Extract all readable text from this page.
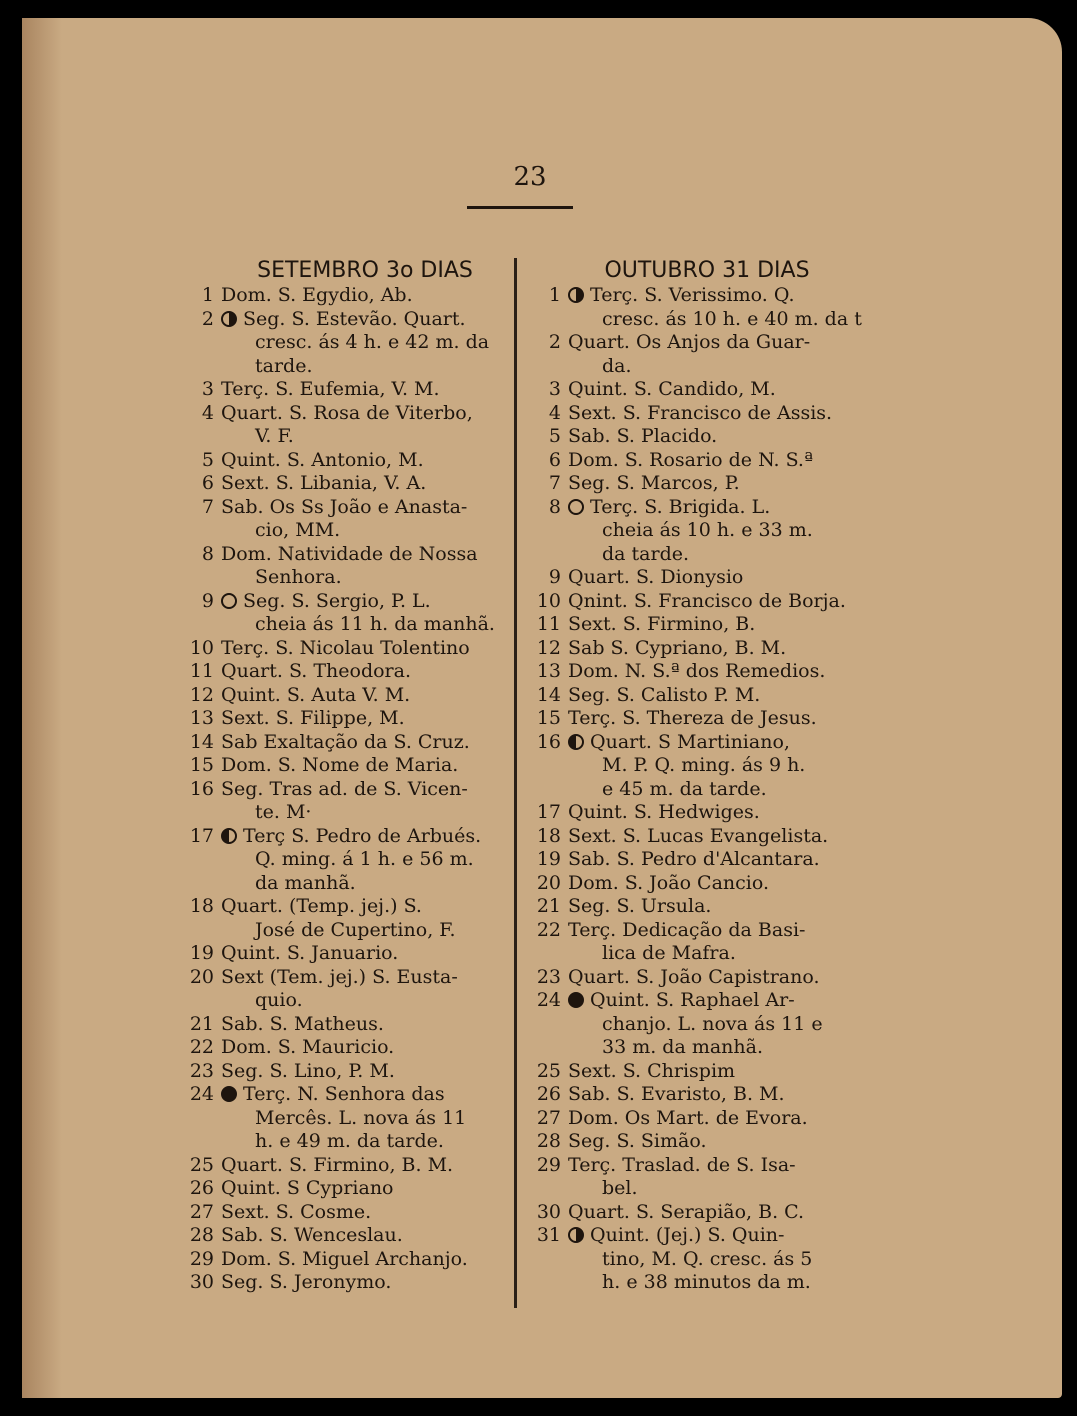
23
SETEMBRO 3o DIAS
1 Dom. S. Egydio, Ab.
2	Seg. S. Estevão. Quart.
cresc. ás 4 h. e 42 m. da
tarde.
3 Terç. S. Eufemia, V. M.
4 Quart. S. Rosa de Viterbo,
V. F.
5 Quint. S. Antonio, M.
6 Sext. S. Libania, V. A.
7 Sab. Os Ss João e Anasta-
cio, MM.
8 Dom. Natividade de Nossa
Senhora.
9	Seg. S. Sergio, P. L.
cheia ás 11 h. da manhã.
10 Terç. S. Nicolau Tolentino
11 Quart. S. Theodora.
12 Quint. S. Auta V. M.
13 Sext. S. Filippe, M.
14 Sab Exaltação da S. Cruz.
15 Dom. S. Nome de Maria.
16 Seg. Tras ad. de S. Vicen-
te. M·
17	Terç S. Pedro de Arbués.
Q. ming. á 1 h. e 56 m.
da manhã.
18 Quart. (Temp. jej.) S.
José de Cupertino, F.
19 Quint. S. Januario.
20 Sext (Tem. jej.) S. Eusta-
quio.
21 Sab. S. Matheus.
22 Dom. S. Mauricio.
23 Seg. S. Lino, P. M.
24	Terç. N. Senhora das
Mercês. L. nova ás 11
h. e 49 m. da tarde.
25 Quart. S. Firmino, B. M.
26 Quint. S Cypriano
27 Sext. S. Cosme.
28 Sab. S. Wenceslau.
29 Dom. S. Miguel Archanjo.
30 Seg. S. Jeronymo.
OUTUBRO 31 DIAS
1	Terç. S. Verissimo. Q.
cresc. ás 10 h. e 40 m. da t
2 Quart. Os Anjos da Guar-
da.
3 Quint. S. Candido, M.
4 Sext. S. Francisco de Assis.
5 Sab. S. Placido.
6 Dom. S. Rosario de N. S.ª
7 Seg. S. Marcos, P.
8	Terç. S. Brigida. L.
cheia ás 10 h. e 33 m.
da tarde.
9 Quart. S. Dionysio
10 Qnint. S. Francisco de Borja.
11 Sext. S. Firmino, B.
12 Sab S. Cypriano, B. M.
13 Dom. N. S.ª dos Remedios.
14 Seg. S. Calisto P. M.
15 Terç. S. Thereza de Jesus.
16	Quart. S Martiniano,
M. P. Q. ming. ás 9 h.
e 45 m. da tarde.
17 Quint. S. Hedwiges.
18 Sext. S. Lucas Evangelista.
19 Sab. S. Pedro d'Alcantara.
20 Dom. S. João Cancio.
21 Seg. S. Ursula.
22 Terç. Dedicação da Basi-
lica de Mafra.
23 Quart. S. João Capistrano.
24	Quint. S. Raphael Ar-
chanjo. L. nova ás 11 e
33 m. da manhã.
25 Sext. S. Chrispim
26 Sab. S. Evaristo, B. M.
27 Dom. Os Mart. de Evora.
28 Seg. S. Simão.
29 Terç. Traslad. de S. Isa-
bel.
30 Quart. S. Serapião, B. C.
31	Quint. (Jej.) S. Quin-
tino, M. Q. cresc. ás 5
h. e 38 minutos da m.
